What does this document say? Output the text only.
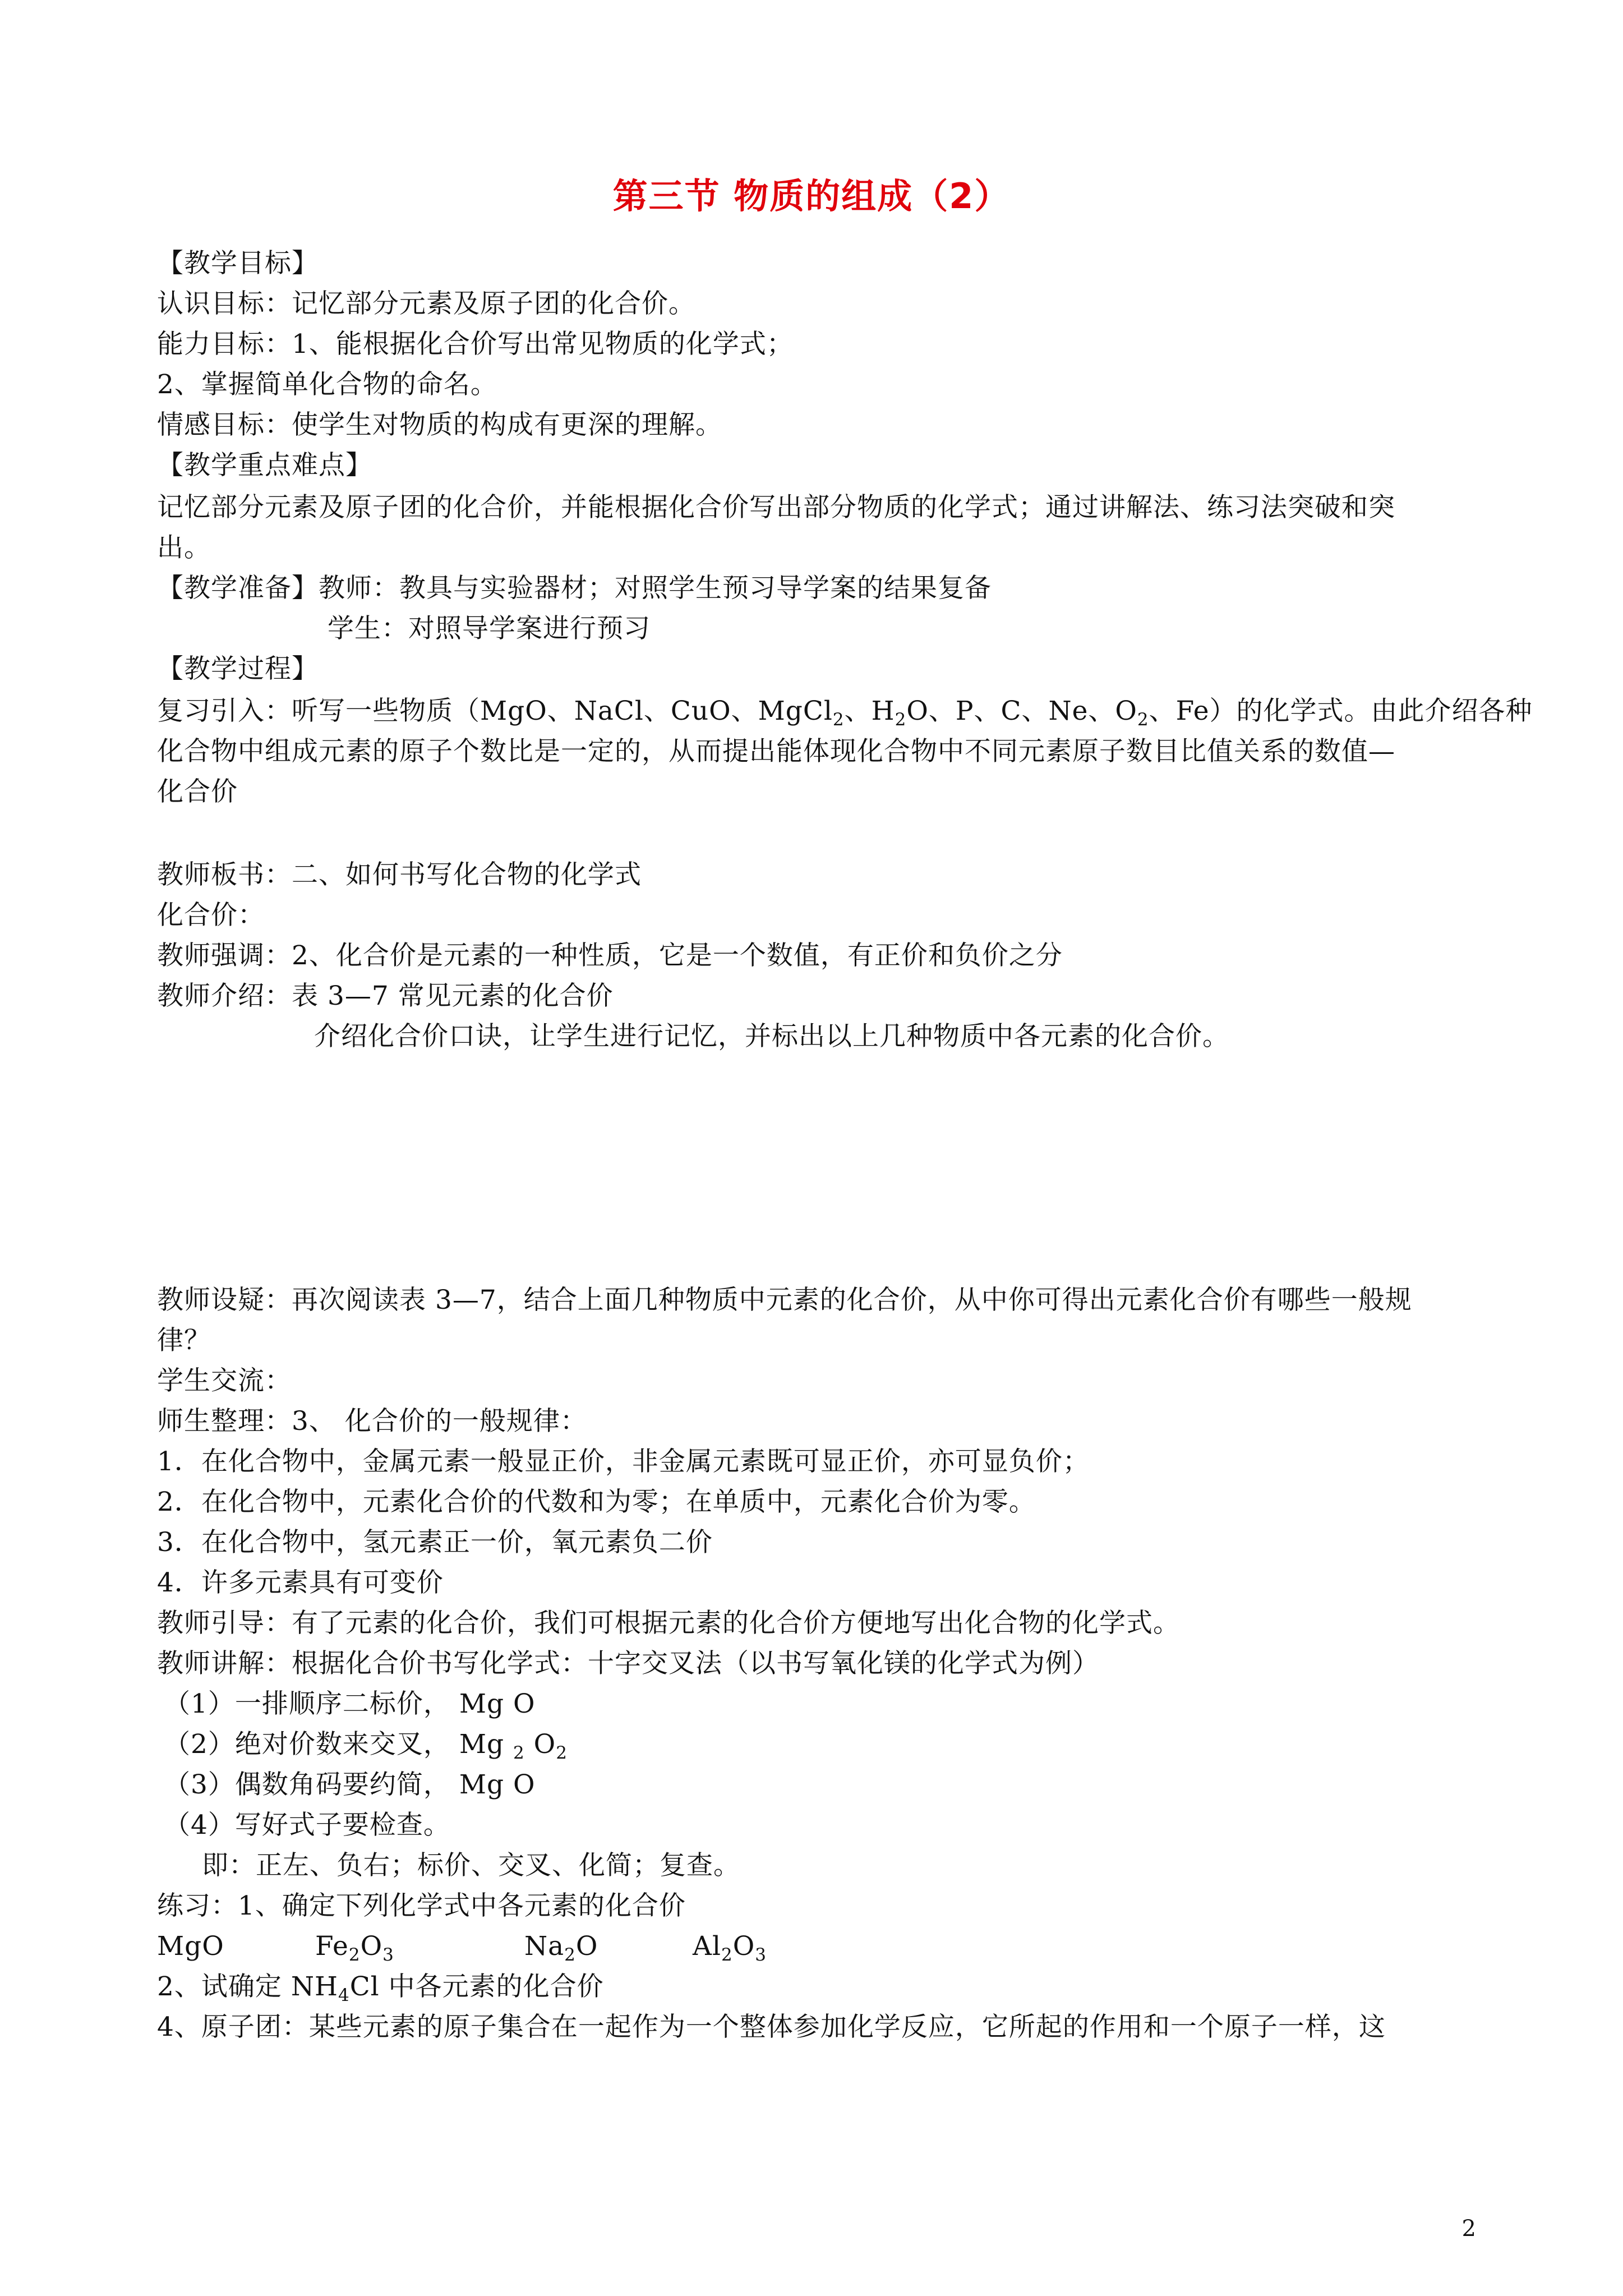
第三节 物质的组成（2）
【教学目标】
认识目标：记忆部分元素及原子团的化合价。
能力目标：1、能根据化合价写出常见物质的化学式；
2、掌握简单化合物的命名。
情感目标：使学生对物质的构成有更深的理解。
【教学重点难点】
记忆部分元素及原子团的化合价，并能根据化合价写出部分物质的化学式；通过讲解法、练习法突破和突
出。
【教学准备】教师：教具与实验器材；对照学生预习导学案的结果复备
学生：对照导学案进行预习
【教学过程】
复习引入：听写一些物质（MgO、NaCl、CuO、MgCl$_2$、$H_2O$、P、C、Ne、$O_2$、Fe）的化学式。由此介绍各种
化合物中组成元素的原子个数比是一定的，从而提出能体现化合物中不同元素原子数目比值关系的数值—
化合价
教师板书：二、如何书写化合物的化学式
化合价：
教师强调：2、化合价是元素的一种性质，它是一个数值，有正价和负价之分
教师介绍：表 3—7 常见元素的化合价
介绍化合价口诀，让学生进行记忆，并标出以上几种物质中各元素的化合价。
教师设疑：再次阅读表 3—7，结合上面几种物质中元素的化合价，从中你可得出元素化合价有哪些一般规
律？
学生交流：
师生整理：3、 化合价的一般规律：
1．在化合物中，金属元素一般显正价，非金属元素既可显正价，亦可显负价；
2．在化合物中，元素化合价的代数和为零；在单质中，元素化合价为零。
3．在化合物中，氢元素正一价，氧元素负二价
4．许多元素具有可变价
教师引导：有了元素的化合价，我们可根据元素的化合价方便地写出化合物的化学式。
教师讲解：根据化合价书写化学式：十字交叉法（以书写氧化镁的化学式为例）
（1）一排顺序二标价， Mg O
（2）绝对价数来交叉， Mg $_2$ $O_2$
（3）偶数角码要约简， Mg O
（4）写好式子要检查。
即：正左、负右；标价、交叉、化简；复查。
练习：1、确定下列化学式中各元素的化合价
MgO	$Fe_2O_3$	$Na_2O$	$Al_2O_3$
2、试确定 $NH_4Cl$ 中各元素的化合价
4、原子团：某些元素的原子集合在一起作为一个整体参加化学反应，它所起的作用和一个原子一样，这
2
